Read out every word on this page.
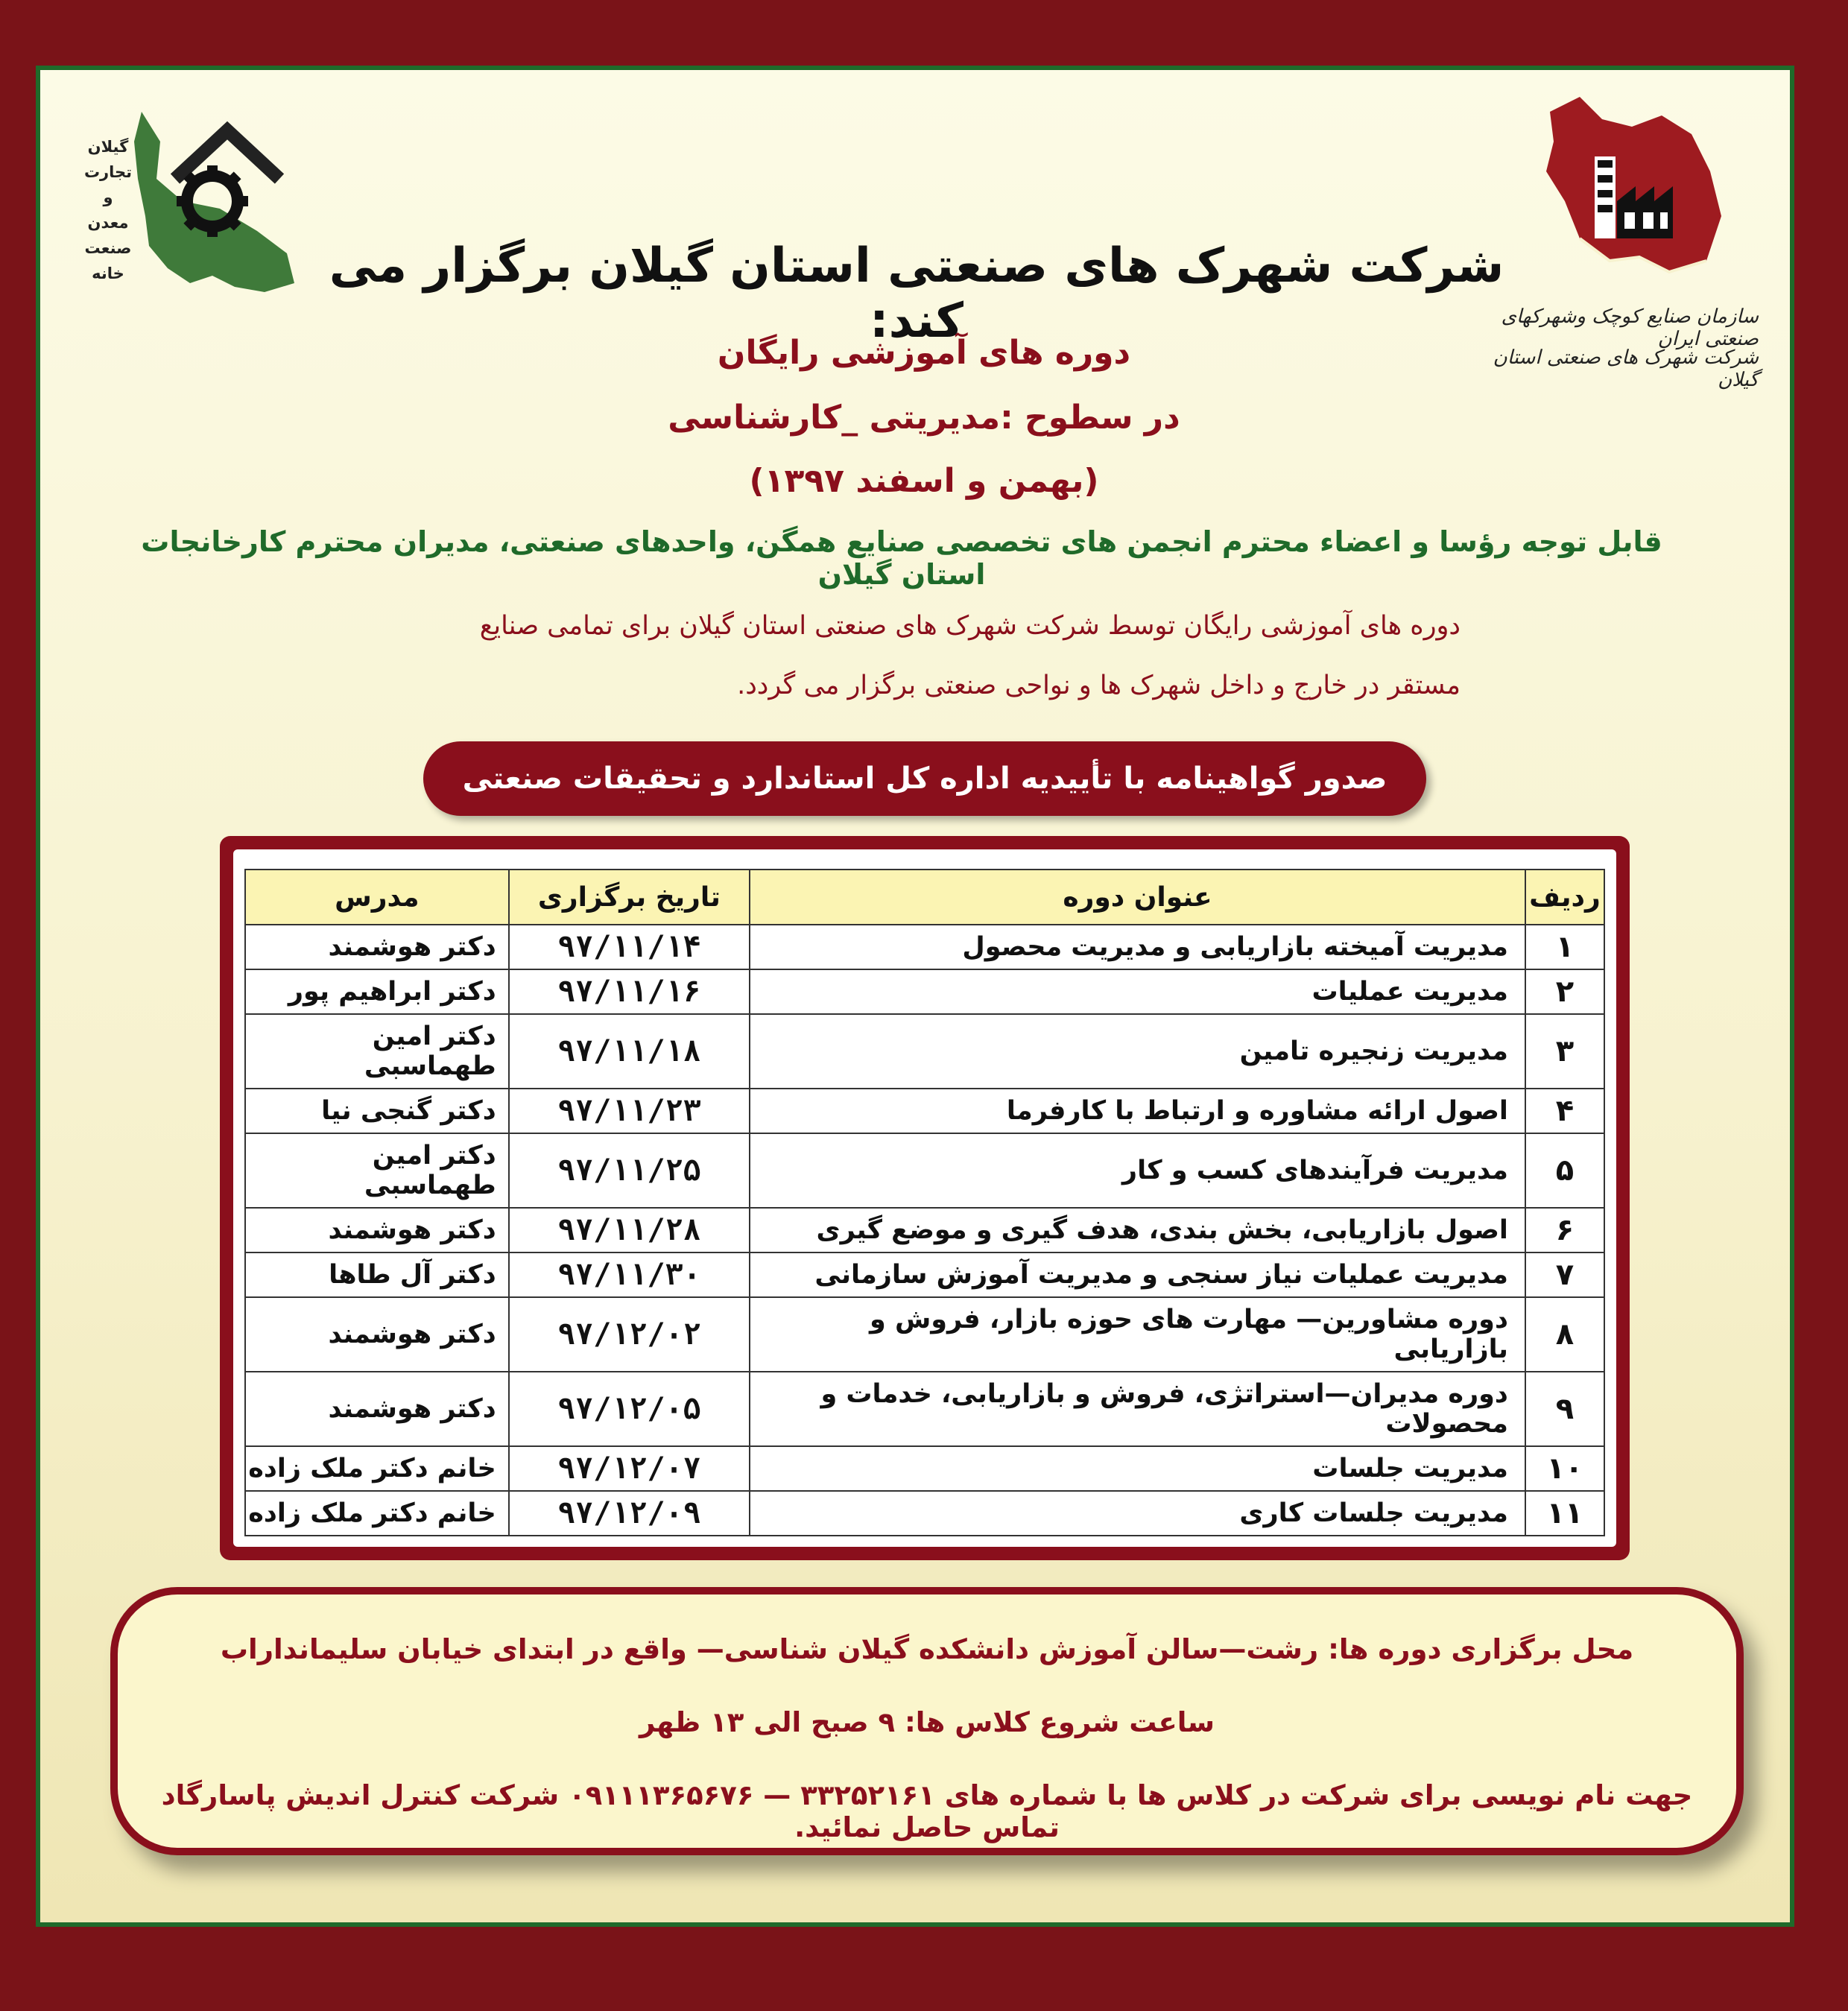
گیلان
تجارت
و
معدن
صنعت
خانه
سازمان صنایع کوچک وشهرکهای صنعتی ایران
شرکت شهرک های صنعتی استان گیلان
شرکت شهرک های صنعتی استان گیلان برگزار می کند:
دوره های آموزشی رایگان
در سطوح :مدیریتی _کارشناسی
(بهمن و اسفند ۱۳۹۷)
قابل توجه رؤسا و اعضاء محترم انجمن های تخصصی صنایع همگن، واحدهای صنعتی، مدیران محترم کارخانجات استان گیلان
دوره های آموزشی رایگان توسط شرکت شهرک های صنعتی استان گیلان برای تمامی صنایع
مستقر در خارج و داخل شهرک ها و نواحی صنعتی برگزار می گردد.
صدور گواهینامه با تأییدیه اداره کل استاندارد و تحقیقات صنعتی
ردیف	عنوان دوره	تاریخ برگزاری	مدرس
۱	مدیریت آمیخته بازاریابی و مدیریت محصول	۹۷/۱۱/۱۴	دکتر هوشمند
۲	مدیریت عملیات	۹۷/۱۱/۱۶	دکتر ابراهیم پور
۳	مدیریت زنجیره تامین	۹۷/۱۱/۱۸	دکتر امین طهماسبی
۴	اصول ارائه مشاوره و ارتباط با کارفرما	۹۷/۱۱/۲۳	دکتر گنجی نیا
۵	مدیریت فرآیندهای کسب و کار	۹۷/۱۱/۲۵	دکتر امین طهماسبی
۶	اصول بازاریابی، بخش بندی، هدف گیری و موضع گیری	۹۷/۱۱/۲۸	دکتر هوشمند
۷	مدیریت عملیات نیاز سنجی و مدیریت آموزش سازمانی	۹۷/۱۱/۳۰	دکتر آل طاها
۸	دوره مشاورین— مهارت های حوزه بازار، فروش و بازاریابی	۹۷/۱۲/۰۲	دکتر هوشمند
۹	دوره مدیران—استراتژی، فروش و بازاریابی، خدمات و محصولات	۹۷/۱۲/۰۵	دکتر هوشمند
۱۰	مدیریت جلسات	۹۷/۱۲/۰۷	خانم دکتر ملک زاده
۱۱	مدیریت جلسات کاری	۹۷/۱۲/۰۹	خانم دکتر ملک زاده
محل برگزاری دوره ها: رشت—سالن آموزش دانشکده گیلان شناسی— واقع در ابتدای خیابان سلیمانداراب
ساعت شروع کلاس ها: ۹ صبح الی ۱۳ ظهر
جهت نام نویسی برای شرکت در کلاس ها با شماره های ۳۳۲۵۲۱۶۱ — ۰۹۱۱۱۳۶۵۶۷۶ شرکت کنترل اندیش پاسارگاد تماس حاصل نمائید.
